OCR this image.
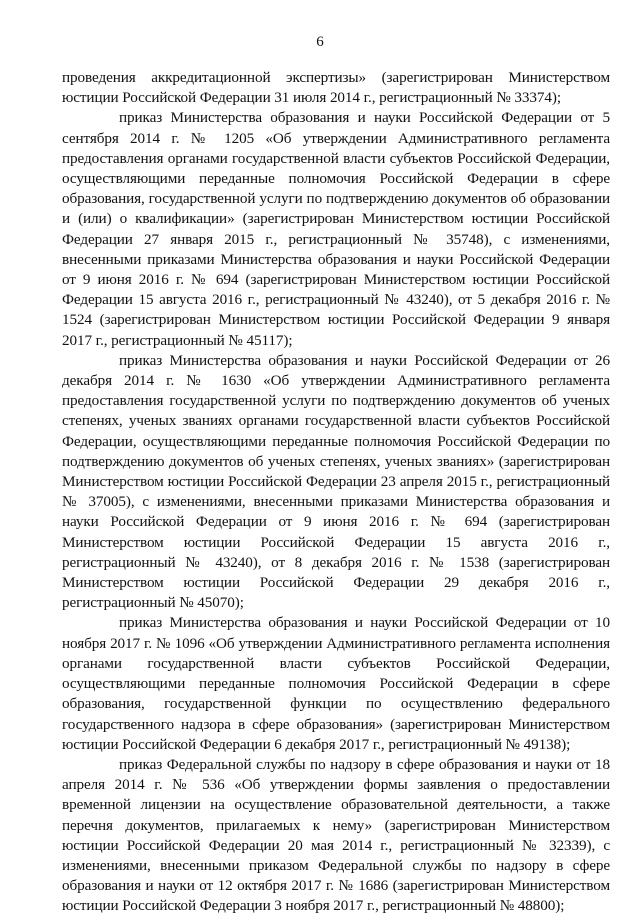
6

проведения аккредитационной экспертизы» (зарегистрирован Министерством юстиции Российской Федерации 31 июля 2014 г., регистрационный № 33374);

приказ Министерства образования и науки Российской Федерации от 5 сентября 2014 г. № 1205 «Об утверждении Административного регламента предоставления органами государственной власти субъектов Российской Федерации, осуществляющими переданные полномочия Российской Федерации в сфере образования, государственной услуги по подтверждению документов об образовании и (или) о квалификации» (зарегистрирован Министерством юстиции Российской Федерации 27 января 2015 г., регистрационный № 35748), с изменениями, внесенными приказами Министерства образования и науки Российской Федерации от 9 июня 2016 г. № 694 (зарегистрирован Министерством юстиции Российской Федерации 15 августа 2016 г., регистрационный № 43240), от 5 декабря 2016 г. № 1524 (зарегистрирован Министерством юстиции Российской Федерации 9 января 2017 г., регистрационный № 45117);

приказ Министерства образования и науки Российской Федерации от 26 декабря 2014 г. № 1630 «Об утверждении Административного регламента предоставления государственной услуги по подтверждению документов об ученых степенях, ученых званиях органами государственной власти субъектов Российской Федерации, осуществляющими переданные полномочия Российской Федерации по подтверждению документов об ученых степенях, ученых званиях» (зарегистрирован Министерством юстиции Российской Федерации 23 апреля 2015 г., регистрационный № 37005), с изменениями, внесенными приказами Министерства образования и науки Российской Федерации от 9 июня 2016 г. № 694 (зарегистрирован Министерством юстиции Российской Федерации 15 августа 2016 г., регистрационный № 43240), от 8 декабря 2016 г. № 1538 (зарегистрирован Министерством юстиции Российской Федерации 29 декабря 2016 г., регистрационный № 45070);

приказ Министерства образования и науки Российской Федерации от 10 ноября 2017 г. № 1096 «Об утверждении Административного регламента исполнения органами государственной власти субъектов Российской Федерации, осуществляющими переданные полномочия Российской Федерации в сфере образования, государственной функции по осуществлению федерального государственного надзора в сфере образования» (зарегистрирован Министерством юстиции Российской Федерации 6 декабря 2017 г., регистрационный № 49138);

приказ Федеральной службы по надзору в сфере образования и науки от 18 апреля 2014 г. № 536 «Об утверждении формы заявления о предоставлении временной лицензии на осуществление образовательной деятельности, а также перечня документов, прилагаемых к нему» (зарегистрирован Министерством юстиции Российской Федерации 20 мая 2014 г., регистрационный № 32339), с изменениями, внесенными приказом Федеральной службы по надзору в сфере образования и науки от 12 октября 2017 г. № 1686 (зарегистрирован Министерством юстиции Российской Федерации 3 ноября 2017 г., регистрационный № 48800);
